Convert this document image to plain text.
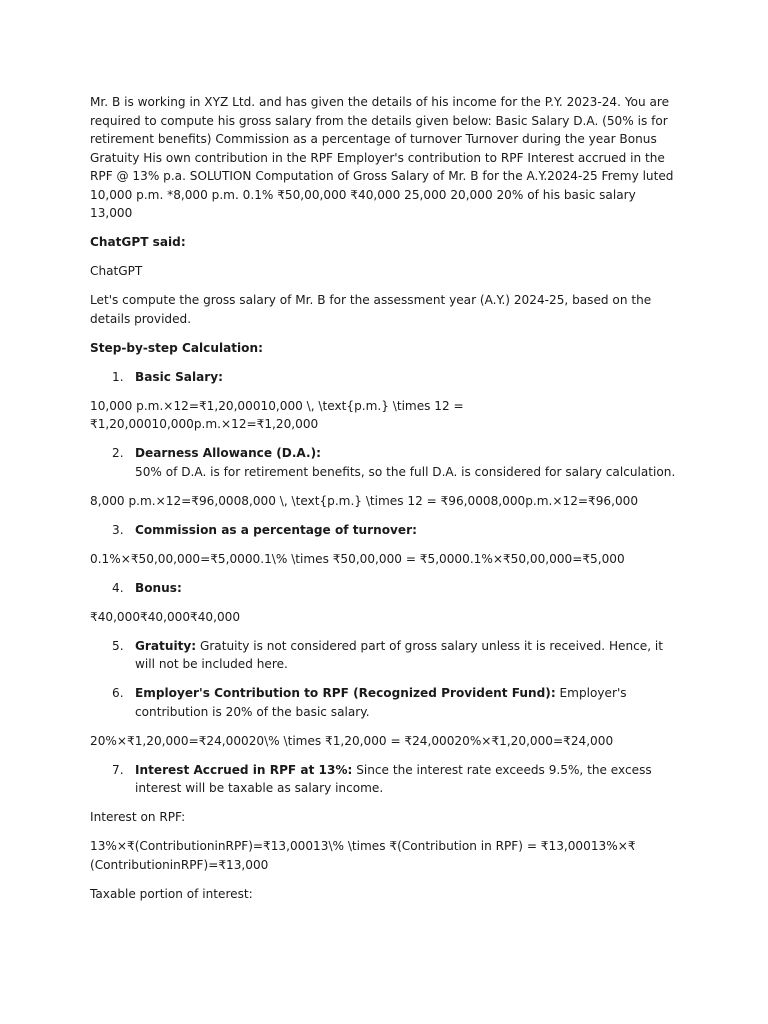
Mr. B is working in XYZ Ltd. and has given the details of his income for the P.Y. 2023-24. You are required to compute his gross salary from the details given below: Basic Salary D.A. (50% is for retirement benefits) Commission as a percentage of turnover Turnover during the year Bonus Gratuity His own contribution in the RPF Employer's contribution to RPF Interest accrued in the RPF @ 13% p.a. SOLUTION Computation of Gross Salary of Mr. B for the A.Y.2024-25 Fremy luted 10,000 p.m. *8,000 p.m. 0.1% ₹50,00,000 ₹40,000 25,000 20,000 20% of his basic salary 13,000

ChatGPT said:

ChatGPT

Let's compute the gross salary of Mr. B for the assessment year (A.Y.) 2024-25, based on the details provided.

Step-by-step Calculation:

1. Basic Salary:

10,000 p.m.×12=₹1,20,00010,000 \, \text{p.m.} \times 12 = ₹1,20,00010,000p.m.×12=₹1,20,000

2. Dearness Allowance (D.A.):
50% of D.A. is for retirement benefits, so the full D.A. is considered for salary calculation.

8,000 p.m.×12=₹96,0008,000 \, \text{p.m.} \times 12 = ₹96,0008,000p.m.×12=₹96,000

3. Commission as a percentage of turnover:

0.1%×₹50,00,000=₹5,0000.1\% \times ₹50,00,000 = ₹5,0000.1%×₹50,00,000=₹5,000

4. Bonus:

₹40,000₹40,000₹40,000

5. Gratuity: Gratuity is not considered part of gross salary unless it is received. Hence, it will not be included here.
6. Employer's Contribution to RPF (Recognized Provident Fund): Employer's contribution is 20% of the basic salary.

20%×₹1,20,000=₹24,00020\% \times ₹1,20,000 = ₹24,00020%×₹1,20,000=₹24,000

7. Interest Accrued in RPF at 13%: Since the interest rate exceeds 9.5%, the excess interest will be taxable as salary income.

Interest on RPF:

13%×₹(ContributioninRPF)=₹13,00013\% \times ₹(Contribution in RPF) = ₹13,00013%×₹(ContributioninRPF)=₹13,000

Taxable portion of interest:
